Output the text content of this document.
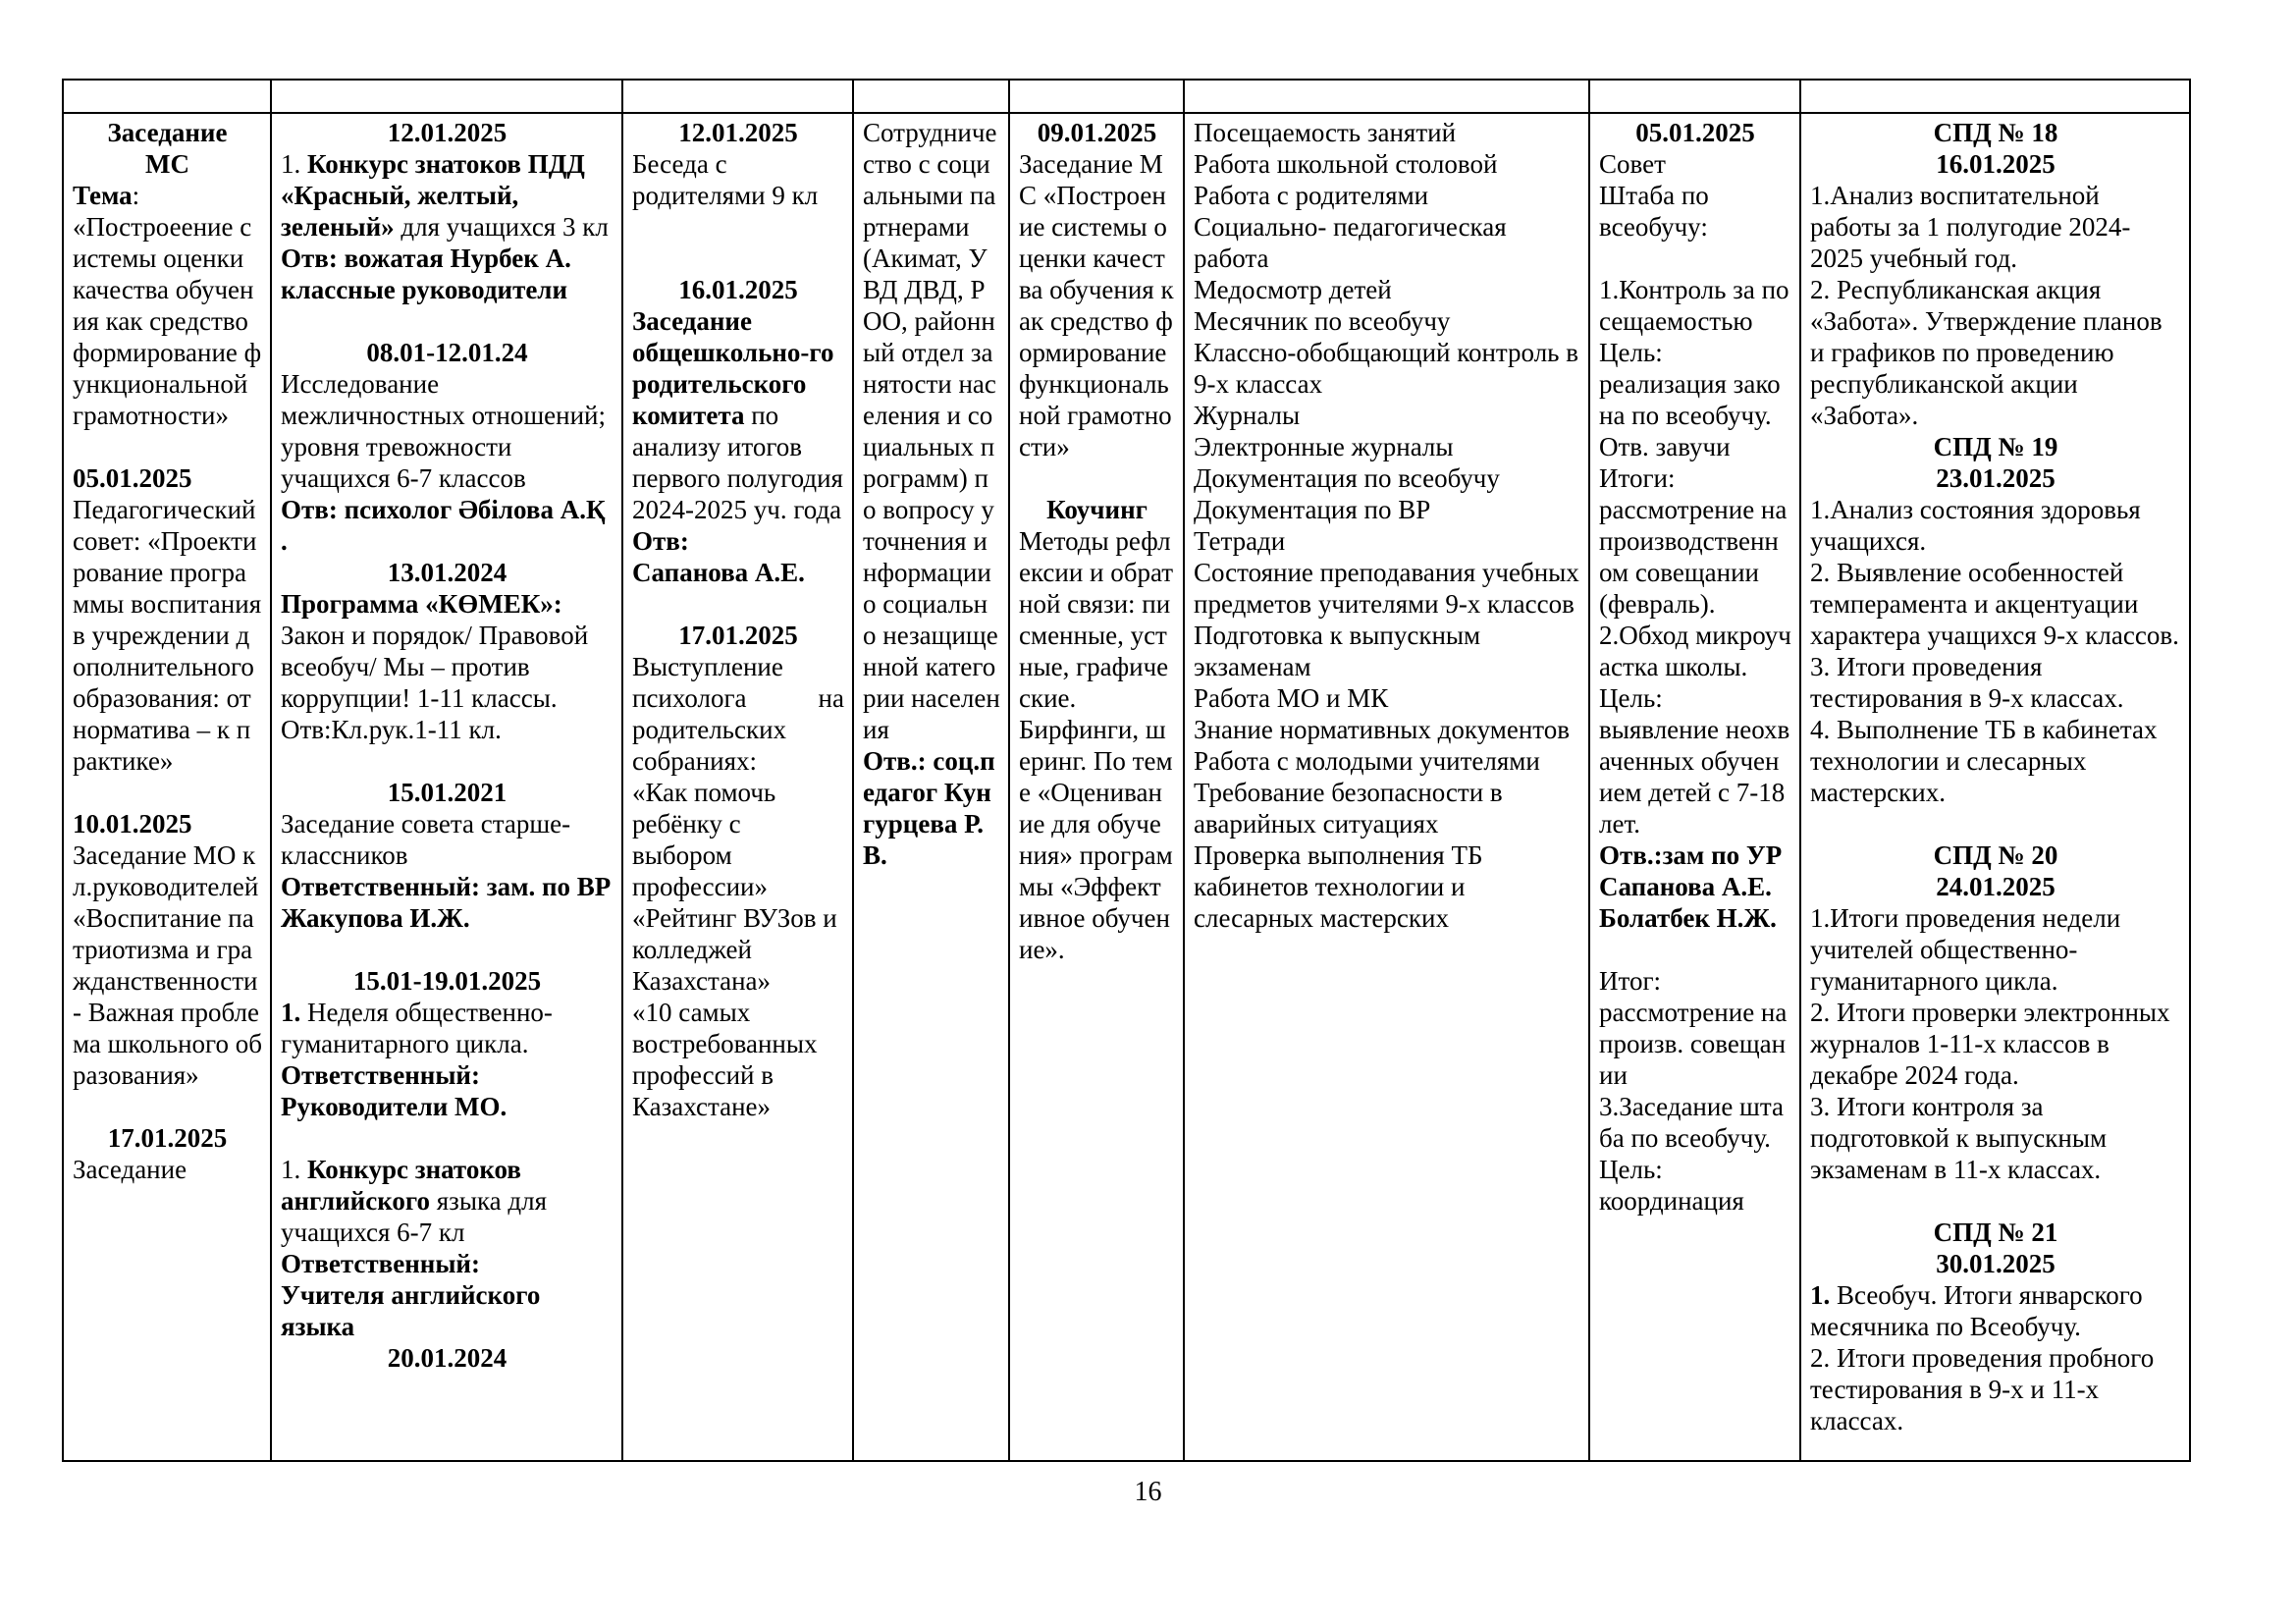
Заседание

МС

Тема:

«Построеение системы оценки качества обучения как средство формирование функциональной грамотности»

05.01.2025

Педагогический совет: «Проектирование программы воспитания в учреждении дополнительного образования: от норматива – к практике»

10.01.2025

Заседание МО кл.руководителей «Воспитание патриотизма и гражданственности- Важная проблема школьного образования»

17.01.2025

Заседание

12.01.2025

1. Конкурс знатоков ПДД «Красный, желтый, зеленый» для учащихся 3 кл

Отв: вожатая Нурбек А.

классные руководители

08.01-12.01.24

Исследование межличностных отношений;

уровня тревожности учащихся 6-7 классов

Отв: психолог Әбілова А.Қ .

13.01.2024

Программа «КӨМЕК»:

Закон и порядок/ Правовой всеобуч/ Мы – против коррупции! 1-11 классы.

Отв:Кл.рук.1-11 кл.

15.01.2021

Заседание совета старше-классников

Ответственный: зам. по ВР

Жакупова И.Ж.

15.01-19.01.2025

1. Неделя общественно-гуманитарного цикла.

Ответственный:

Руководители МО.

1. Конкурс знатоков английского языка для учащихся 6-7 кл

Ответственный:

Учителя английского языка

20.01.2024

12.01.2025

Беседа с родителями 9 кл

16.01.2025

Заседание общешкольно-го родительского комитета по анализу итогов первого полугодия 2024-2025 уч. года

Отв:

Сапанова А.Е.

17.01.2025

Выступление психолога на родительских собраниях:

«Как помочь ребёнку с выбором профессии»

«Рейтинг ВУЗов и колледжей Казахстана»

«10 самых востребованных профессий в Казахстане»

Сотрудничество с социальными партнерами (Акимат, УВД ДВД, РОО, районный отдел занятости населения и социальных программ) по вопросу уточнения информации о социально незащищенной категории населения

Отв.: соц.педагог Кунгурцева Р. В.

09.01.2025

Заседание МС «Построение системы оценки качества обучения как средство формирование функциональной грамотности»

Коучинг

Методы рефлексии и обратной связи: писменные, устные, графические.

Бирфинги, шеринг. По теме «Оценивание для обучения» программы «Эффективное обучение».

Посещаемость занятий

Работа школьной столовой

Работа с родителями

Социально- педагогическая работа

Медосмотр детей

Месячник по всеобучу

Классно-обобщающий контроль в 9-х классах

Журналы

Электронные журналы

Документация по всеобучу

Документация по ВР

Тетради

Состояние преподавания учебных предметов учителями 9-х классов

Подготовка к выпускным экзаменам

Работа МО и МК

Знание нормативных документов

Работа с молодыми учителями

Требование безопасности в аварийных ситуациях

Проверка выполнения ТБ кабинетов технологии и слесарных мастерских

05.01.2025

Совет

Штаба по

всеобучу:

1.Контроль за посещаемостью

Цель:

реализация закона по всеобучу.

Отв. завучи

Итоги:

рассмотрение на производственном совещании (февраль).

2.Обход микроучастка школы.

Цель:

выявление неохваченных обучением детей с 7-18 лет.

Отв.:зам по УР Сапанова А.Е.

Болатбек Н.Ж.

Итог:

рассмотрение на произв. совещании

3.Заседание штаба по всеобучу.

Цель:

координация

СПД № 18

16.01.2025

1.Анализ воспитательной работы за 1 полугодие 2024-2025 учебный год.

2. Республиканская акция «Забота». Утверждение планов и графиков по проведению республиканской акции «Забота».

СПД № 19

23.01.2025

1.Анализ состояния здоровья учащихся.

2. Выявление особенностей темперамента и акцентуации характера учащихся 9-х классов.

3. Итоги проведения тестирования в 9-х классах.

4. Выполнение ТБ в кабинетах технологии и слесарных мастерских.

СПД № 20

24.01.2025

1.Итоги проведения недели учителей общественно-гуманитарного цикла.

2. Итоги проверки электронных журналов 1-11-х классов в декабре 2024 года.

3. Итоги контроля за подготовкой к выпускным экзаменам в 11-х классах.

СПД № 21

30.01.2025

1. Всеобуч. Итоги январского месячника по Всеобучу.

2. Итоги проведения пробного тестирования в 9-х и 11-х классах.

16
